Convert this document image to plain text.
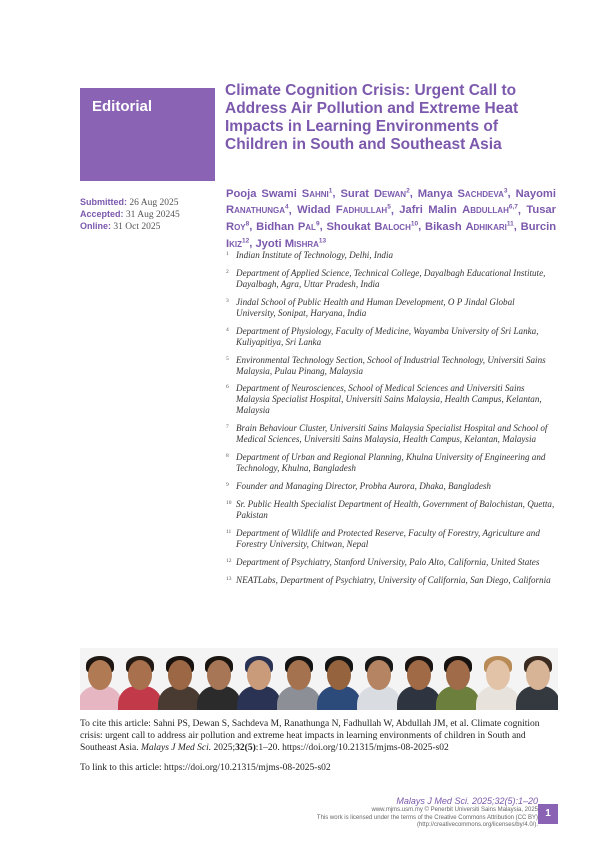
Editorial
Climate Cognition Crisis: Urgent Call to Address Air Pollution and Extreme Heat Impacts in Learning Environments of Children in South and Southeast Asia
Submitted: 26 Aug 2025
Accepted: 31 Aug 20245
Online: 31 Oct 2025
Pooja Swami Sahni$^1$, Surat Dewan$^2$, Manya Sachdeva$^3$, Nayomi Ranathunga$^4$, Widad Fadhullah$^5$, Jafri Malin Abdullah$^{6,7}$, Tusar Roy$^8$, Bidhan Pal$^9$, Shoukat Baloch$^{10}$, Bikash Adhikari$^{11}$, Burcin Ikiz$^{12}$, Jyoti Mishra$^{13}$
1 Indian Institute of Technology, Delhi, India
2 Department of Applied Science, Technical College, Dayalbagh Educational Institute, Dayalbagh, Agra, Uttar Pradesh, India
3 Jindal School of Public Health and Human Development, O P Jindal Global University, Sonipat, Haryana, India
4 Department of Physiology, Faculty of Medicine, Wayamba University of Sri Lanka, Kuliyapitiya, Sri Lanka
5 Environmental Technology Section, School of Industrial Technology, Universiti Sains Malaysia, Pulau Pinang, Malaysia
6 Department of Neurosciences, School of Medical Sciences and Universiti Sains Malaysia Specialist Hospital, Universiti Sains Malaysia, Health Campus, Kelantan, Malaysia
7 Brain Behaviour Cluster, Universiti Sains Malaysia Specialist Hospital and School of Medical Sciences, Universiti Sains Malaysia, Health Campus, Kelantan, Malaysia
8 Department of Urban and Regional Planning, Khulna University of Engineering and Technology, Khulna, Bangladesh
9 Founder and Managing Director, Probha Aurora, Dhaka, Bangladesh
10 Sr. Public Health Specialist Department of Health, Government of Balochistan, Quetta, Pakistan
11 Department of Wildlife and Protected Reserve, Faculty of Forestry, Agriculture and Forestry University, Chitwan, Nepal
12 Department of Psychiatry, Stanford University, Palo Alto, California, United States
13 NEATLabs, Department of Psychiatry, University of California, San Diego, California

To cite this article: Sahni PS, Dewan S, Sachdeva M, Ranathunga N, Fadhullah W, Abdullah JM, et al. Climate cognition crisis: urgent call to address air pollution and extreme heat impacts in learning environments of children in South and Southeast Asia. Malays J Med Sci. 2025;32(5):1–20. https://doi.org/10.21315/mjms-08-2025-s02

To link to this article: https://doi.org/10.21315/mjms-08-2025-s02

Malays J Med Sci. 2025;32(5):1–20
www.mjms.usm.my © Penerbit Universiti Sains Malaysia, 2025
This work is licensed under the terms of the Creative Commons Attribution (CC BY)
(http://creativecommons.org/licenses/by/4.0/).
1
